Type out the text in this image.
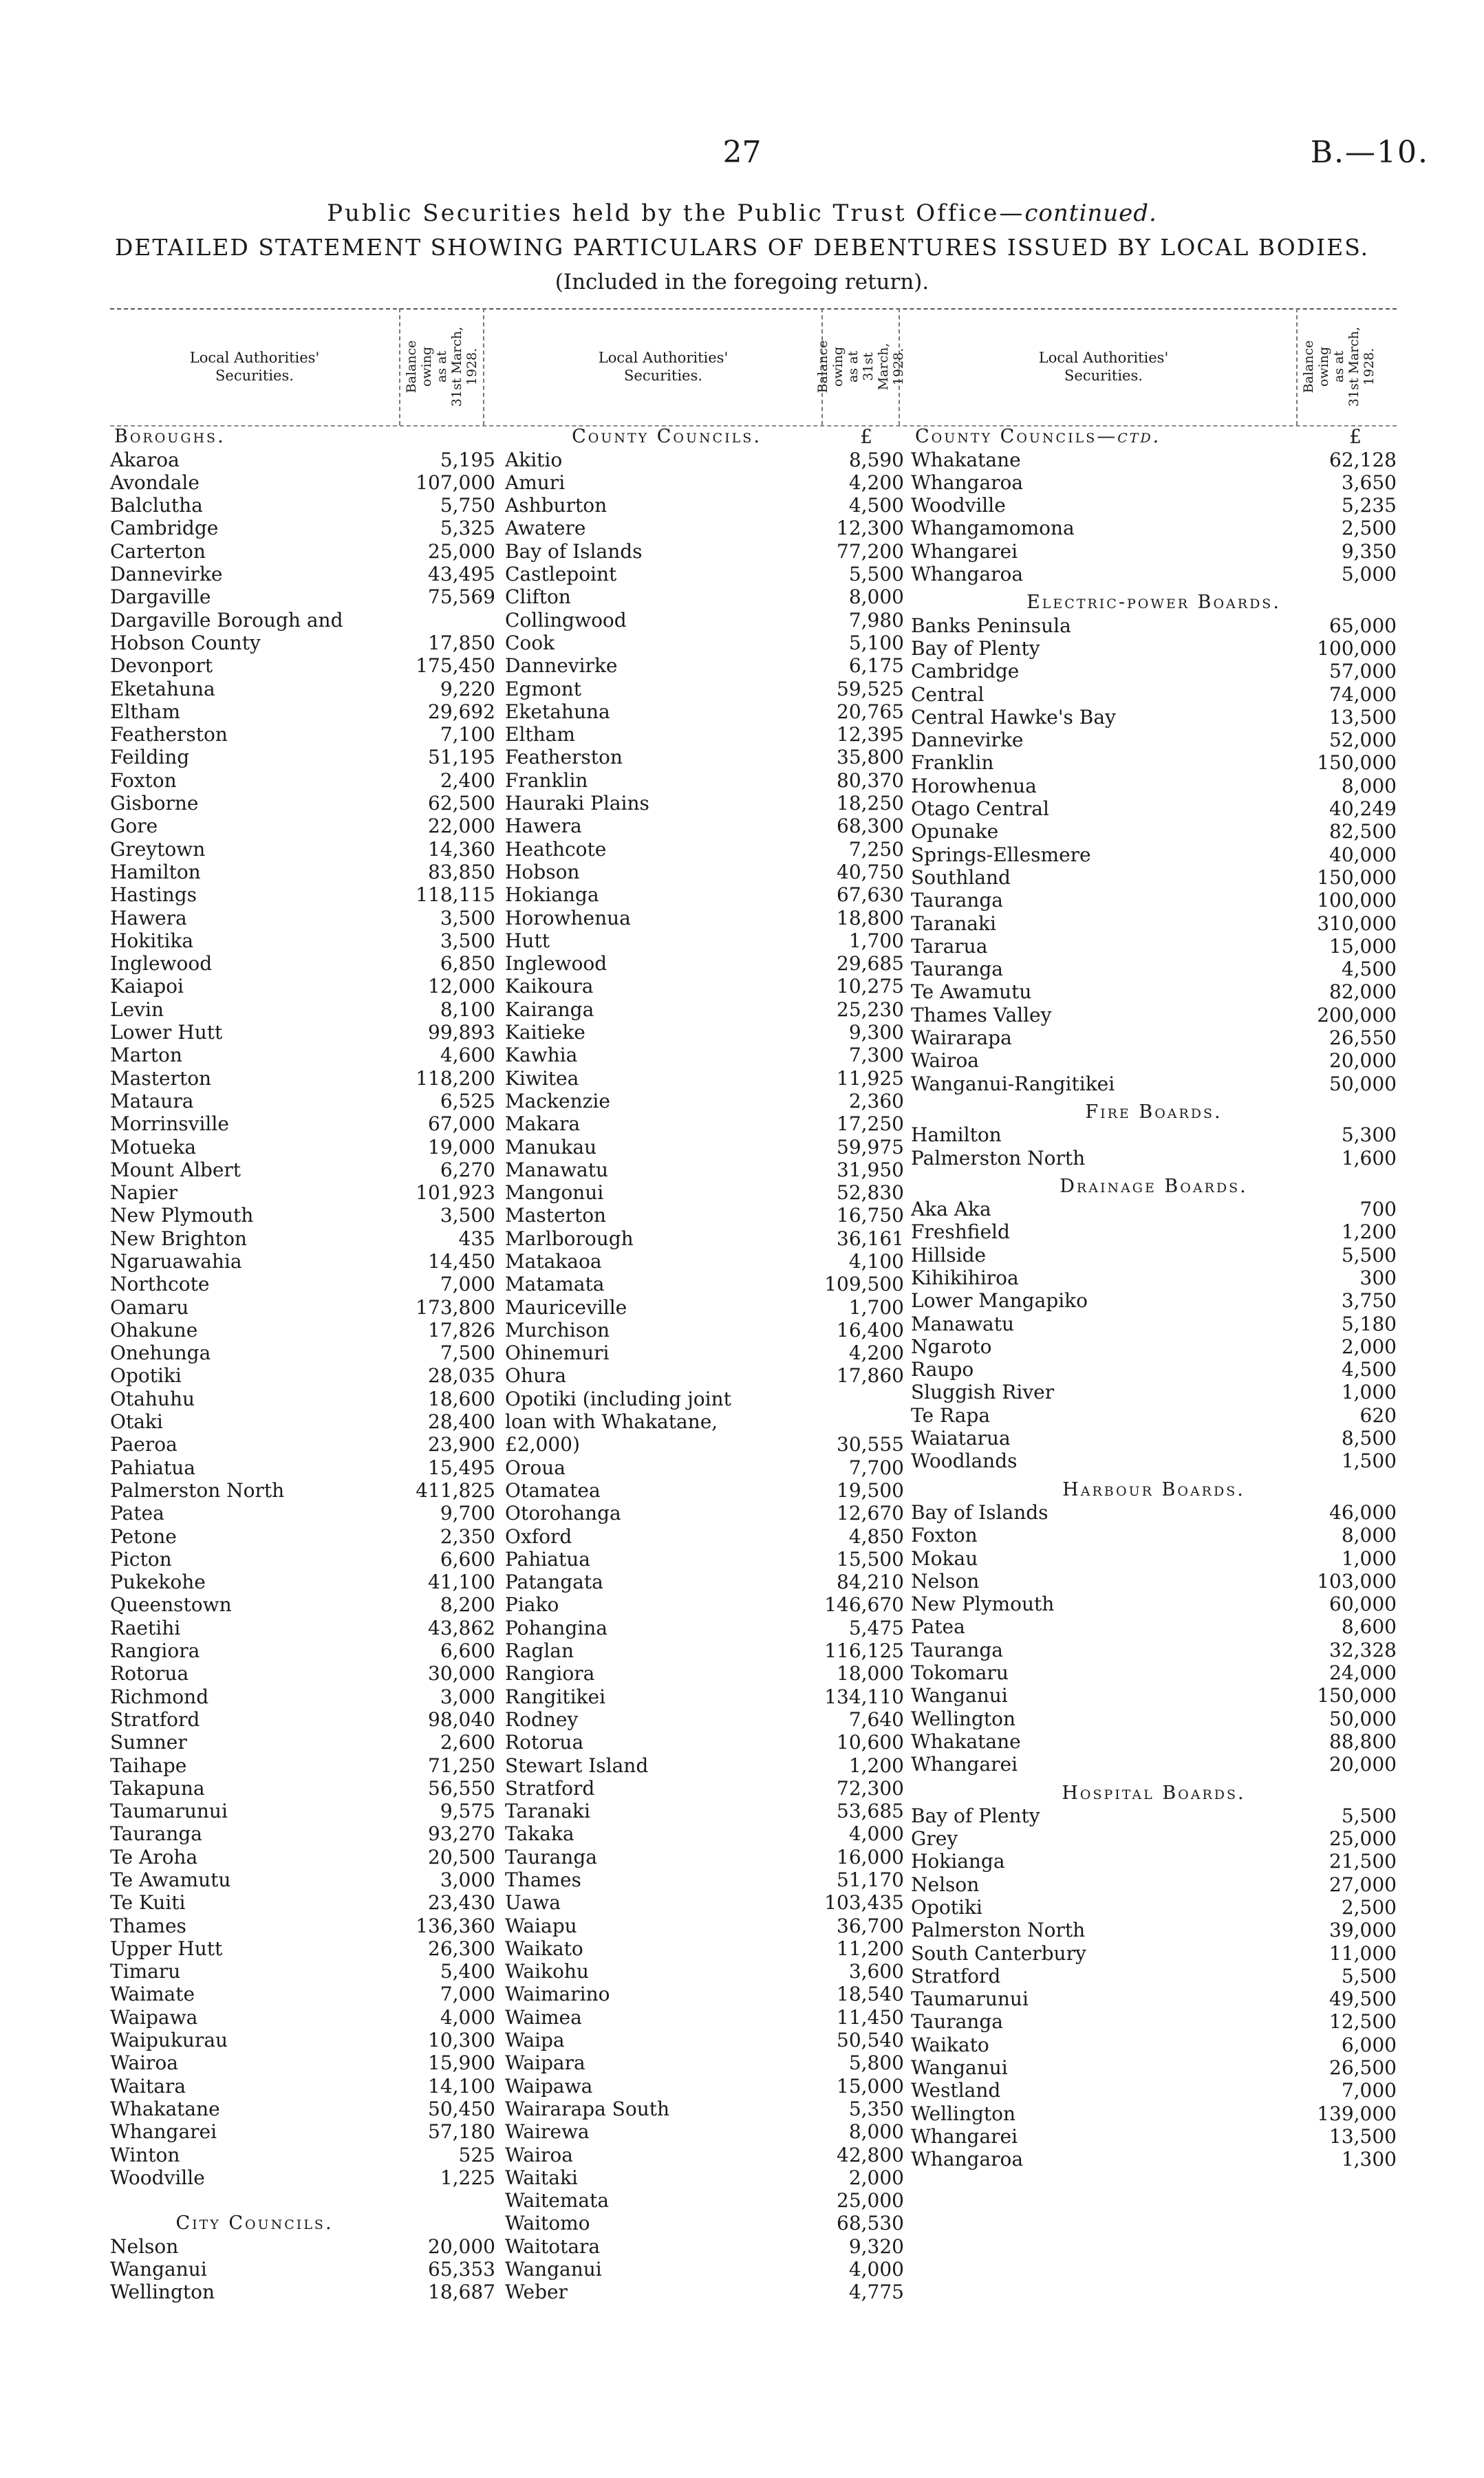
27	B.—10.
Public Securities held by the Public Trust Office—continued.
DETAILED STATEMENT SHOWING PARTICULARS OF DEBENTURES ISSUED BY LOCAL BODIES.
(Included in the foregoing return).
Local Authorities'
Securities.	Balance owing
as at
31st March,
1928.
Boroughs.
Akaroa	5,195
Avondale	107,000
Balclutha	5,750
Cambridge	5,325
Carterton	25,000
Dannevirke	43,495
Dargaville	75,569
Dargaville Borough and
Hobson County	17,850
Devonport	175,450
Eketahuna	9,220
Eltham	29,692
Featherston	7,100
Feilding	51,195
Foxton	2,400
Gisborne	62,500
Gore	22,000
Greytown	14,360
Hamilton	83,850
Hastings	118,115
Hawera	3,500
Hokitika	3,500
Inglewood	6,850
Kaiapoi	12,000
Levin	8,100
Lower Hutt	99,893
Marton	4,600
Masterton	118,200
Mataura	6,525
Morrinsville	67,000
Motueka	19,000
Mount Albert	6,270
Napier	101,923
New Plymouth	3,500
New Brighton	435
Ngaruawahia	14,450
Northcote	7,000
Oamaru	173,800
Ohakune	17,826
Onehunga	7,500
Opotiki	28,035
Otahuhu	18,600
Otaki	28,400
Paeroa	23,900
Pahiatua	15,495
Palmerston North	411,825
Patea	9,700
Petone	2,350
Picton	6,600
Pukekohe	41,100
Queenstown	8,200
Raetihi	43,862
Rangiora	6,600
Rotorua	30,000
Richmond	3,000
Stratford	98,040
Sumner	2,600
Taihape	71,250
Takapuna	56,550
Taumarunui	9,575
Tauranga	93,270
Te Aroha	20,500
Te Awamutu	3,000
Te Kuiti	23,430
Thames	136,360
Upper Hutt	26,300
Timaru	5,400
Waimate	7,000
Waipawa	4,000
Waipukurau	10,300
Wairoa	15,900
Waitara	14,100
Whakatane	50,450
Whangarei	57,180
Winton	525
Woodville	1,225
City Councils.
Nelson	20,000
Wanganui	65,353
Wellington	18,687
Local Authorities'
Securities.	Balance owing
as at
31st March,
1928.
County Councils.	£
Akitio	8,590
Amuri	4,200
Ashburton	4,500
Awatere	12,300
Bay of Islands	77,200
Castlepoint	5,500
Clifton	8,000
Collingwood	7,980
Cook	5,100
Dannevirke	6,175
Egmont	59,525
Eketahuna	20,765
Eltham	12,395
Featherston	35,800
Franklin	80,370
Hauraki Plains	18,250
Hawera	68,300
Heathcote	7,250
Hobson	40,750
Hokianga	67,630
Horowhenua	18,800
Hutt	1,700
Inglewood	29,685
Kaikoura	10,275
Kairanga	25,230
Kaitieke	9,300
Kawhia	7,300
Kiwitea	11,925
Mackenzie	2,360
Makara	17,250
Manukau	59,975
Manawatu	31,950
Mangonui	52,830
Masterton	16,750
Marlborough	36,161
Matakaoa	4,100
Matamata	109,500
Mauriceville	1,700
Murchison	16,400
Ohinemuri	4,200
Ohura	17,860
Opotiki (including joint
loan with Whakatane,
£2,000)	30,555
Oroua	7,700
Otamatea	19,500
Otorohanga	12,670
Oxford	4,850
Pahiatua	15,500
Patangata	84,210
Piako	146,670
Pohangina	5,475
Raglan	116,125
Rangiora	18,000
Rangitikei	134,110
Rodney	7,640
Rotorua	10,600
Stewart Island	1,200
Stratford	72,300
Taranaki	53,685
Takaka	4,000
Tauranga	16,000
Thames	51,170
Uawa	103,435
Waiapu	36,700
Waikato	11,200
Waikohu	3,600
Waimarino	18,540
Waimea	11,450
Waipa	50,540
Waipara	5,800
Waipawa	15,000
Wairarapa South	5,350
Wairewa	8,000
Wairoa	42,800
Waitaki	2,000
Waitemata	25,000
Waitomo	68,530
Waitotara	9,320
Wanganui	4,000
Weber	4,775
Local Authorities'
Securities.	Balance owing
as at
31st March,
1928.
County Councils—ctd.	£
Whakatane	62,128
Whangaroa	3,650
Woodville	5,235
Whangamomona	2,500
Whangarei	9,350
Whangaroa	5,000
Electric-power Boards.
Banks Peninsula	65,000
Bay of Plenty	100,000
Cambridge	57,000
Central	74,000
Central Hawke's Bay	13,500
Dannevirke	52,000
Franklin	150,000
Horowhenua	8,000
Otago Central	40,249
Opunake	82,500
Springs-Ellesmere	40,000
Southland	150,000
Tauranga	100,000
Taranaki	310,000
Tararua	15,000
Tauranga	4,500
Te Awamutu	82,000
Thames Valley	200,000
Wairarapa	26,550
Wairoa	20,000
Wanganui-Rangitikei	50,000
Fire Boards.
Hamilton	5,300
Palmerston North	1,600
Drainage Boards.
Aka Aka	700
Freshfield	1,200
Hillside	5,500
Kihikihiroa	300
Lower Mangapiko	3,750
Manawatu	5,180
Ngaroto	2,000
Raupo	4,500
Sluggish River	1,000
Te Rapa	620
Waiatarua	8,500
Woodlands	1,500
Harbour Boards.
Bay of Islands	46,000
Foxton	8,000
Mokau	1,000
Nelson	103,000
New Plymouth	60,000
Patea	8,600
Tauranga	32,328
Tokomaru	24,000
Wanganui	150,000
Wellington	50,000
Whakatane	88,800
Whangarei	20,000
Hospital Boards.
Bay of Plenty	5,500
Grey	25,000
Hokianga	21,500
Nelson	27,000
Opotiki	2,500
Palmerston North	39,000
South Canterbury	11,000
Stratford	5,500
Taumarunui	49,500
Tauranga	12,500
Waikato	6,000
Wanganui	26,500
Westland	7,000
Wellington	139,000
Whangarei	13,500
Whangaroa	1,300
